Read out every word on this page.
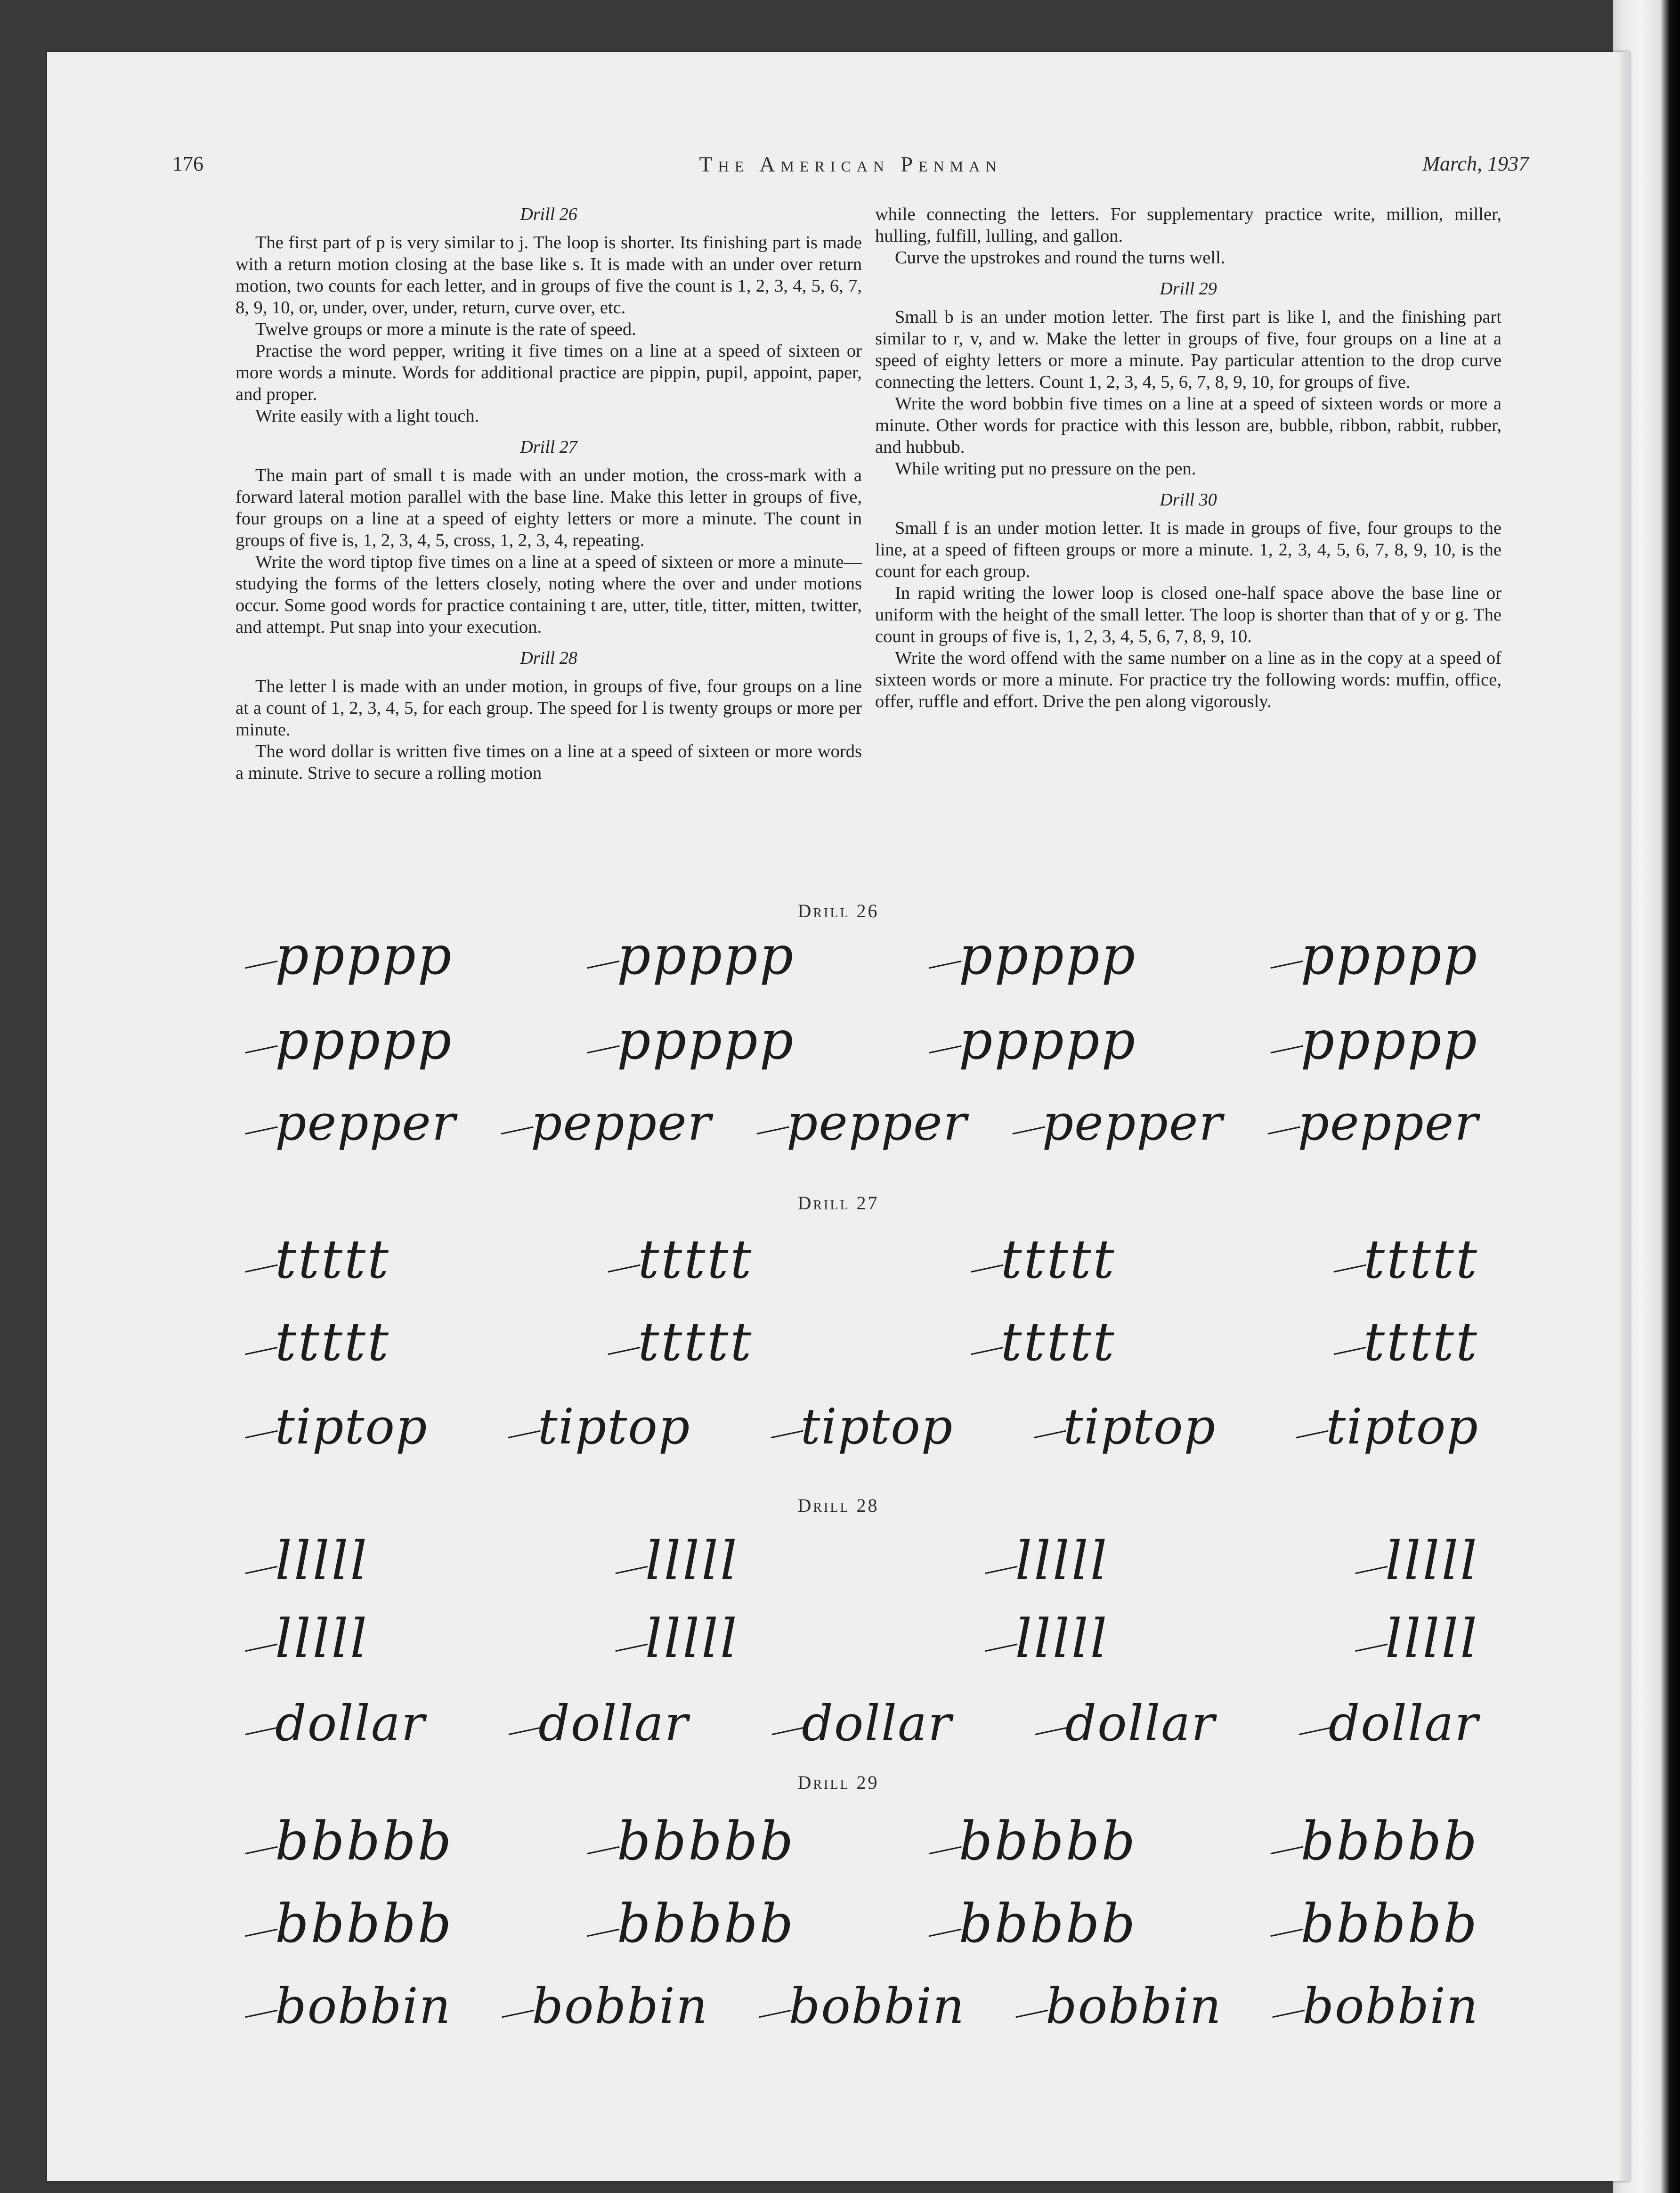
Drill 26
Drill 27
Drill 28
Drill 29
176	The American Penman	March, 1937
Drill 26

The first part of p is very similar to j. The loop is shorter. Its finishing part is made with a return motion closing at the base like s. It is made with an under over return motion, two counts for each letter, and in groups of five the count is 1, 2, 3, 4, 5, 6, 7, 8, 9, 10, or, under, over, under, return, curve over, etc.

Twelve groups or more a minute is the rate of speed.

Practise the word pepper, writing it five times on a line at a speed of sixteen or more words a minute. Words for additional practice are pippin, pupil, appoint, paper, and proper.

Write easily with a light touch.

Drill 27

The main part of small t is made with an under motion, the cross-mark with a forward lateral motion parallel with the base line. Make this letter in groups of five, four groups on a line at a speed of eighty letters or more a minute. The count in groups of five is, 1, 2, 3, 4, 5, cross, 1, 2, 3, 4, repeating.

Write the word tiptop five times on a line at a speed of sixteen or more a minute—studying the forms of the letters closely, noting where the over and under motions occur. Some good words for practice containing t are, utter, title, titter, mitten, twitter, and attempt. Put snap into your execution.

Drill 28

The letter l is made with an under motion, in groups of five, four groups on a line at a count of 1, 2, 3, 4, 5, for each group. The speed for l is twenty groups or more per minute.

The word dollar is written five times on a line at a speed of sixteen or more words a minute. Strive to secure a rolling motion

while connecting the letters. For supplementary practice write, million, miller, hulling, fulfill, lulling, and gallon.

Curve the upstrokes and round the turns well.

Drill 29

Small b is an under motion letter. The first part is like l, and the finishing part similar to r, v, and w. Make the letter in groups of five, four groups on a line at a speed of eighty letters or more a minute. Pay particular attention to the drop curve connecting the letters. Count 1, 2, 3, 4, 5, 6, 7, 8, 9, 10, for groups of five.

Write the word bobbin five times on a line at a speed of sixteen words or more a minute. Other words for practice with this lesson are, bubble, ribbon, rabbit, rubber, and hubbub.

While writing put no pressure on the pen.

Drill 30

Small f is an under motion letter. It is made in groups of five, four groups to the line, at a speed of fifteen groups or more a minute. 1, 2, 3, 4, 5, 6, 7, 8, 9, 10, is the count for each group.

In rapid writing the lower loop is closed one-half space above the base line or uniform with the height of the small letter. The loop is shorter than that of y or g. The count in groups of five is, 1, 2, 3, 4, 5, 6, 7, 8, 9, 10.

Write the word offend with the same number on a line as in the copy at a speed of sixteen words or more a minute. For practice try the following words: muffin, office, offer, ruffle and effort. Drive the pen along vigorously.

ppppp	ppppp	ppppp	ppppp
ppppp	ppppp	ppppp	ppppp
pepper	pepper	pepper	pepper	pepper
ttttt	ttttt	ttttt	ttttt
ttttt	ttttt	ttttt	ttttt
tiptop	tiptop	tiptop	tiptop	tiptop
lllll	lllll	lllll	lllll
lllll	lllll	lllll	lllll
dollar	dollar	dollar	dollar	dollar
bbbbb	bbbbb	bbbbb	bbbbb
bbbbb	bbbbb	bbbbb	bbbbb
bobbin	bobbin	bobbin	bobbin	bobbin
